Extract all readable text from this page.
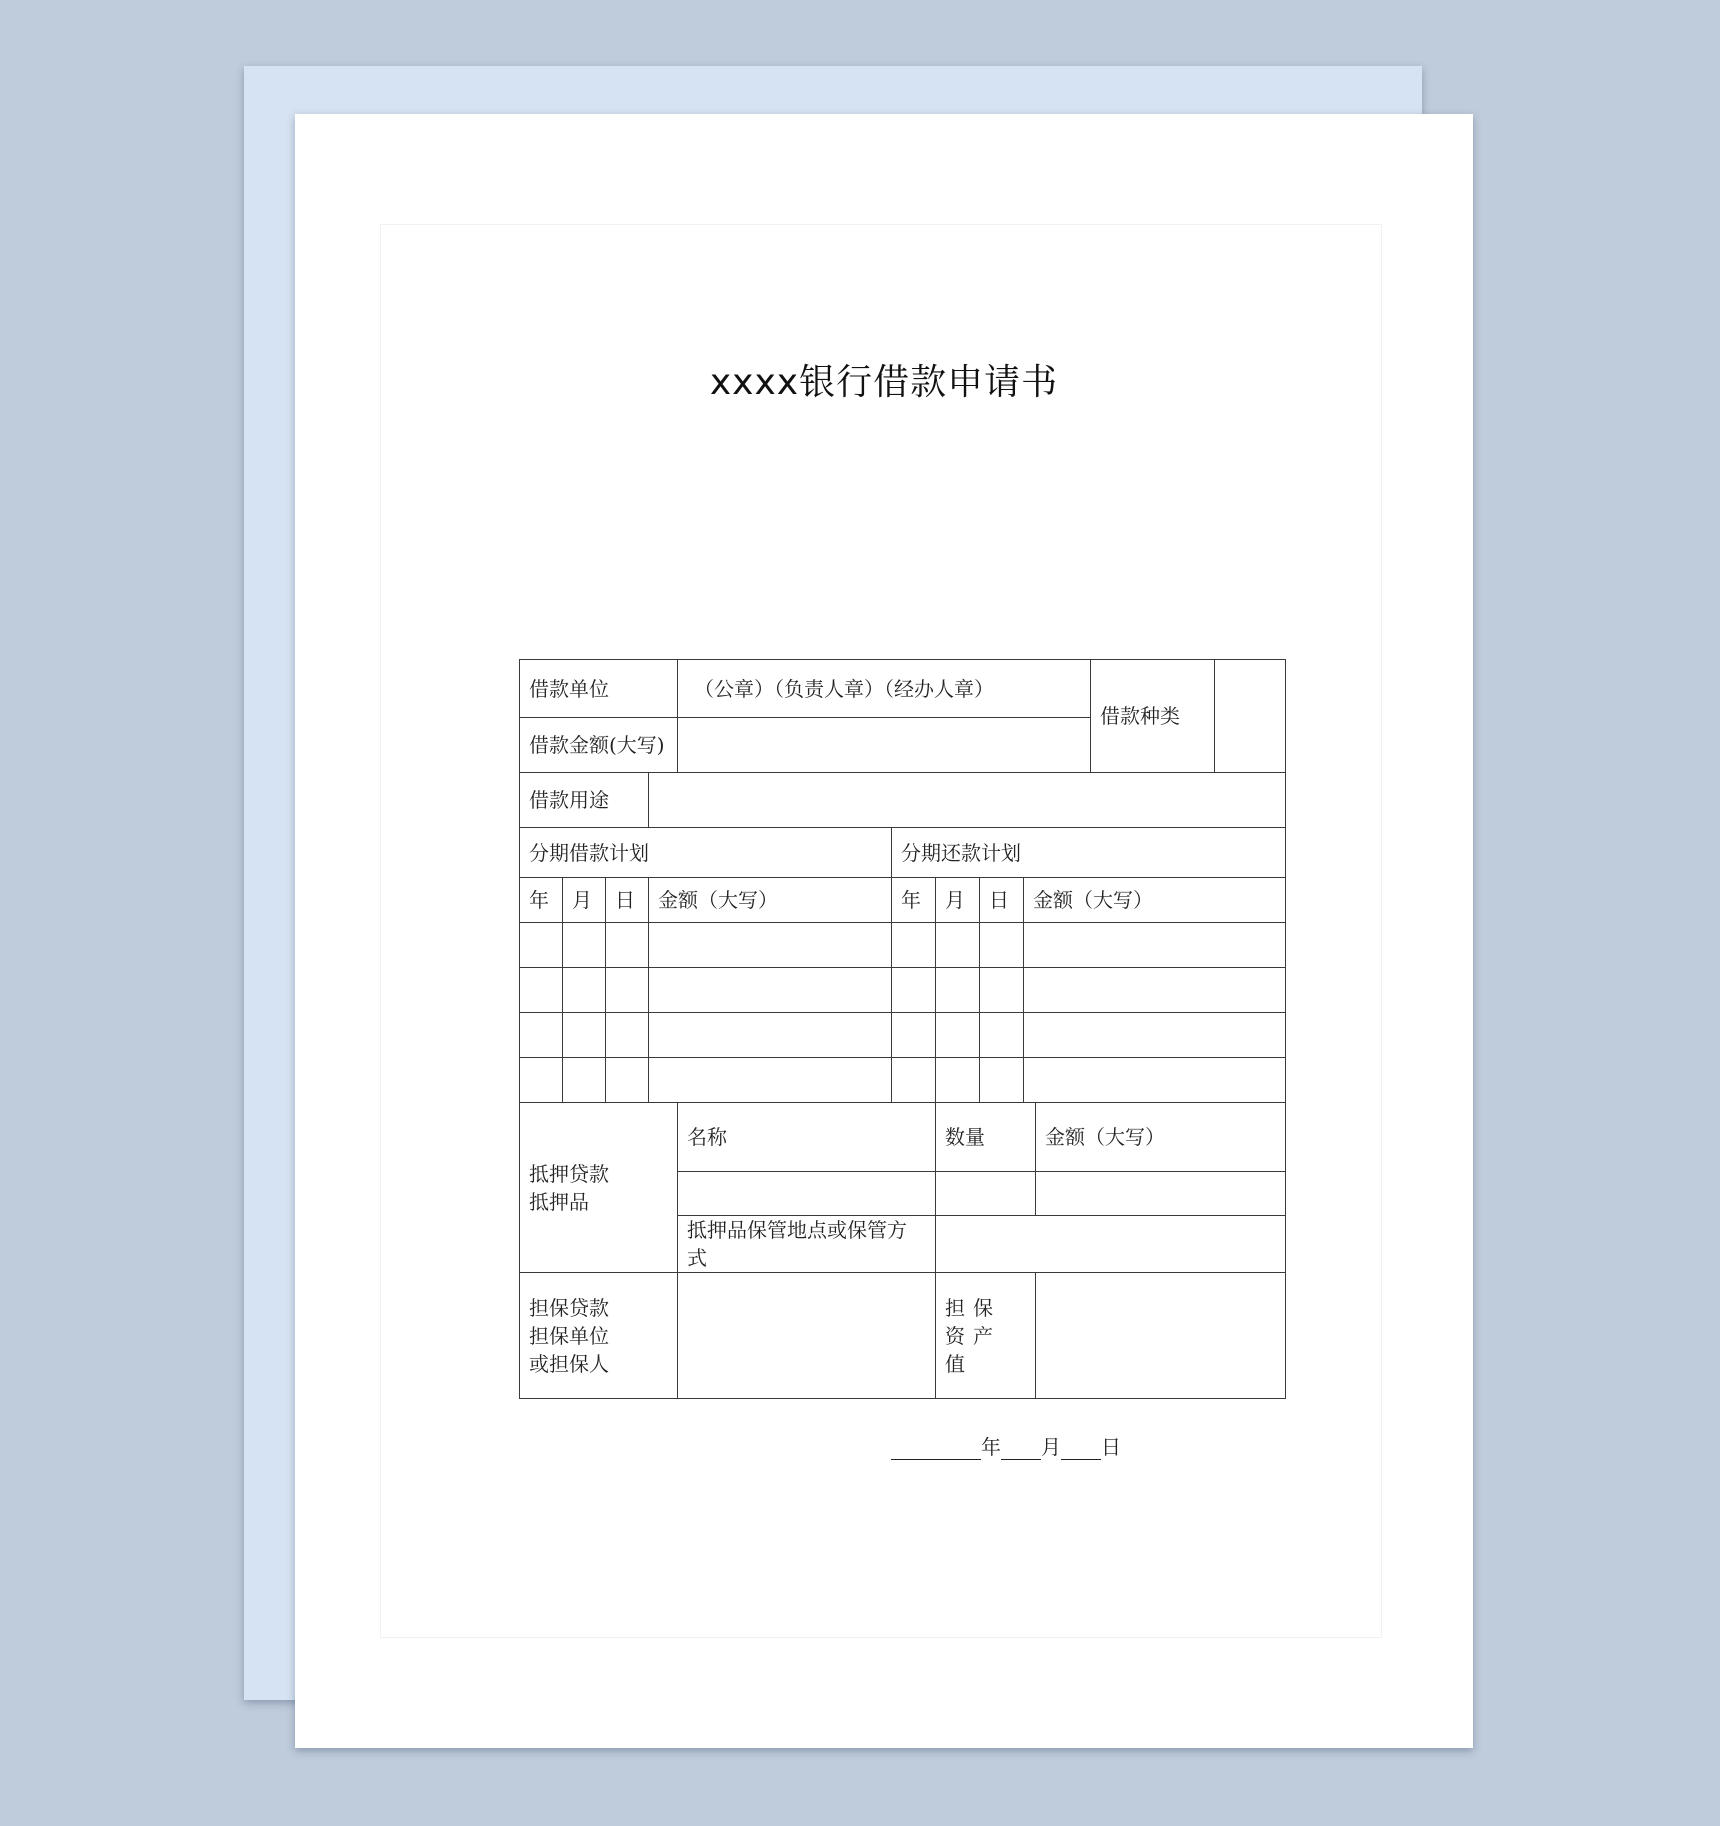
xxxx银行借款申请书
借款单位				（公章）（负责人章）（经办人章）						借款种类	
借款金额(大写)											
借款用途											
分期借款计划					分期还款计划						
年	月	日	金额（大写）		年	月	日	金额（大写）			

抵押贷款
抵押品				名称		数量			金额（大写）		

				抵押品保管地点或保管方式							

担保贷款
担保单位
或担保人						担保资产值					
年 月 日
